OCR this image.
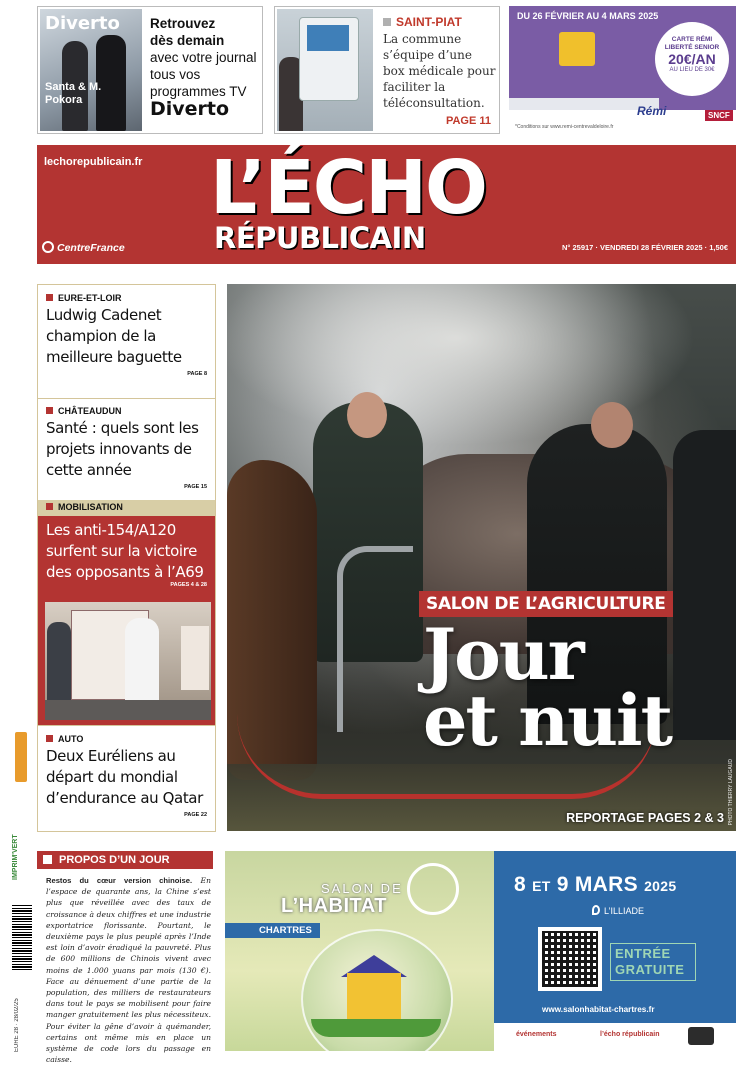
Diverto
Santa & M. Pokora
Retrouvez
dès demain
avec votre journal tous vos programmes TV
Diverto
SAINT-PIAT
La commune s’équipe d’une box médicale pour faciliter la téléconsultation.
PAGE 11
DU 26 FÉVRIER AU 4 MARS 2025
CARTE RÉMI LIBERTÉ SENIOR
20€/AN
AU LIEU DE 30€
Rémi	SNCF
*Conditions sur www.remi-centrevaldeloire.fr
lechorepublicain.fr L’ÉCHO
RÉPUBLICAIN
CentreFrance	N° 25917 · VENDREDI 28 FÉVRIER 2025 · 1,50€
EURE-ET-LOIR
Ludwig Cadenet champion de la meilleure baguette
PAGE 8
CHÂTEAUDUN
Santé : quels sont les projets innovants de cette année
PAGE 15
MOBILISATION
Les anti-154/A120 surfent sur la victoire des opposants à l’A69
PAGES 4 & 28
AUTO
Deux Euréliens au départ du mondial d’endurance au Qatar
PAGE 22
IMPRIM'VERT
EURE 28 · 28/02/25
SALON DE L’AGRICULTURE
Jour
et nuit
REPORTAGE PAGES 2 & 3 PHOTO THIERRY LAUGAUD
PROPOS D’UN JOUR
Restos du cœur version chinoise. En l’espace de quarante ans, la Chine s’est plus que réveillée avec des taux de croissance à deux chiffres et une industrie exportatrice florissante. Pourtant, le deuxième pays le plus peuplé après l’Inde est loin d’avoir éradiqué la pauvreté. Plus de 600 millions de Chinois vivent avec moins de 1.000 yuans par mois (130 €). Face au dénuement d’une partie de la population, des milliers de restaurateurs dans tout le pays se mobilisent pour faire manger gratuitement les plus nécessiteux. Pour éviter la gêne d’avoir à quémander, certains ont même mis en place un système de code lors du passage en caisse.
SALON DE
L’HABITAT
CHARTRES
8 ET 9 MARS 2025
L’ILLIADE
ENTRÉE
GRATUITE
www.salonhabitat-chartres.fr
événements	l’écho républicain
